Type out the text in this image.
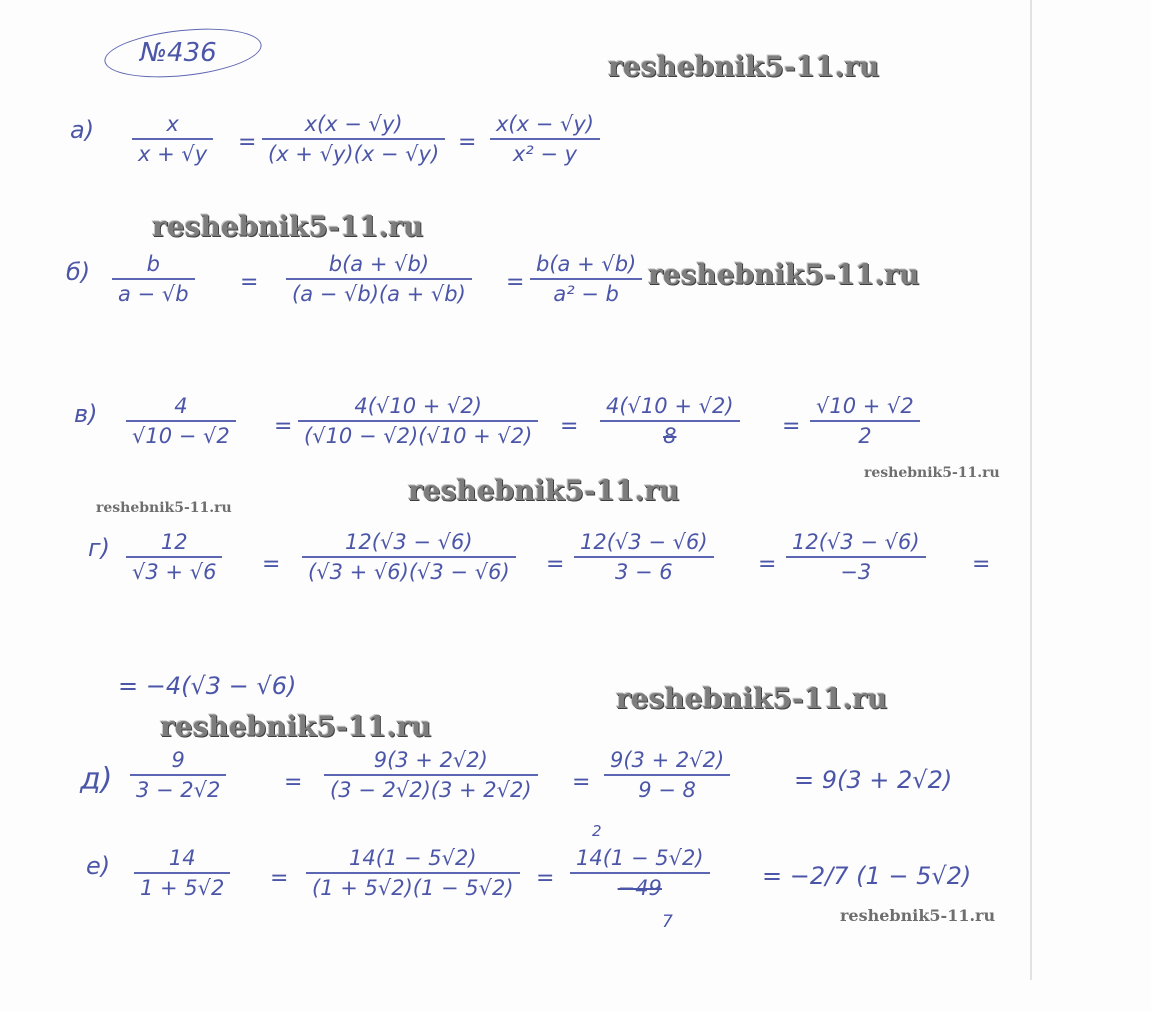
№436	reshebnik5-11.ru
reshebnik5-11.ru
reshebnik5-11.ru
reshebnik5-11.ru
reshebnik5-11.ru
reshebnik5-11.ru
reshebnik5-11.ru
reshebnik5-11.ru
reshebnik5-11.ru
а)	x
x + √y =
x(x − √y)
(x + √y)(x − √y) =
x(x − √y)
x² − y
б)	b
a − √b =
b(a + √b)
(a − √b)(a + √b) =
b(a + √b)
a² − b
в)	4
√10 − √2 =
4(√10 + √2)
(√10 − √2)(√10 + √2) =
4(√10 + √2)
8	=
√10 + √2
2
г) 12
√3 + √6 =
12(√3 − √6)
(√3 + √6)(√3 − √6) =
12(√3 − √6)
3 − 6	=
12(√3 − √6)
−3	=
= −4(√3 − √6)
д)
9
3 − 2√2	=
9(3 + 2√2)
(3 − 2√2)(3 + 2√2) =
9(3 + 2√2)
9 − 8	= 9(3 + 2√2)
е)	14
1 + 5√2 =
14(1 − 5√2)
(1 + 5√2)(1 − 5√2) =
2
14(1 − 5√2)
−49
7
= −2/7 (1 − 5√2)
